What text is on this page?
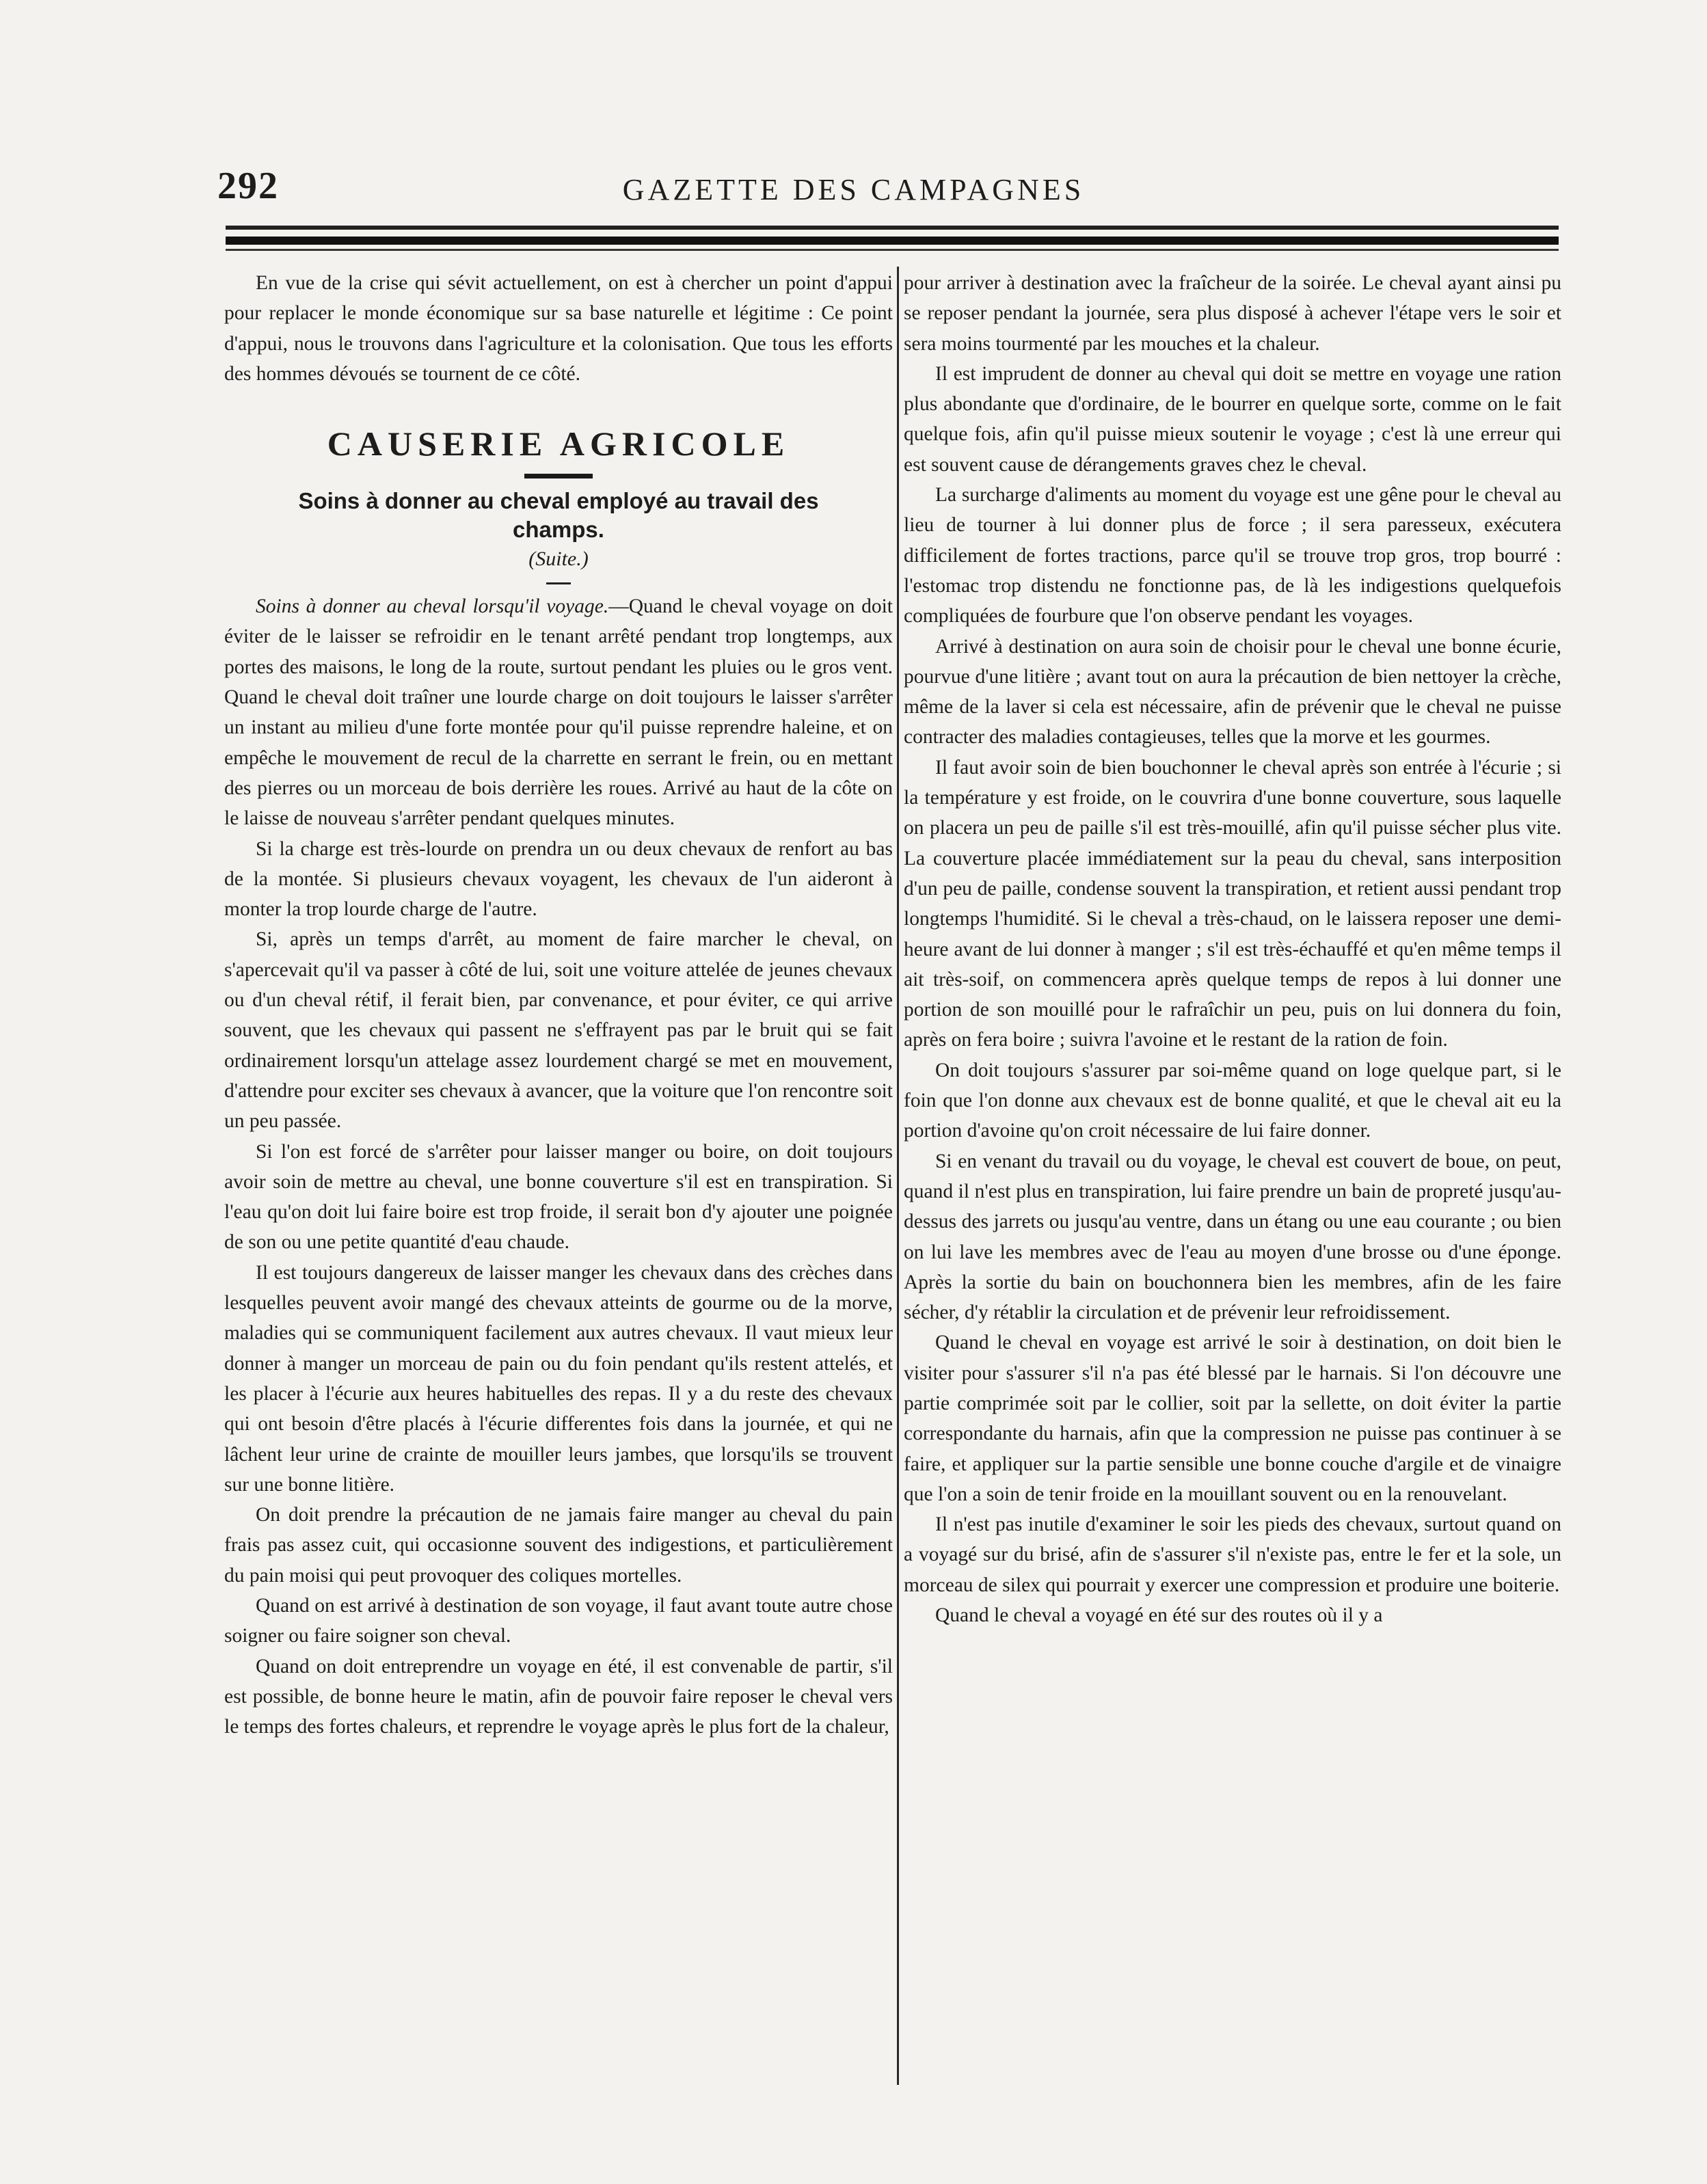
292	GAZETTE DES CAMPAGNES

En vue de la crise qui sévit actuellement, on est à chercher un point d'appui pour replacer le monde économique sur sa base naturelle et légitime : Ce point d'appui, nous le trouvons dans l'agriculture et la colonisation. Que tous les efforts des hommes dévoués se tournent de ce côté.

CAUSERIE AGRICOLE
Soins à donner au cheval employé au travail des champs.
(Suite.)

Soins à donner au cheval lorsqu'il voyage.—Quand le cheval voyage on doit éviter de le laisser se refroidir en le tenant arrêté pendant trop longtemps, aux portes des maisons, le long de la route, surtout pendant les pluies ou le gros vent. Quand le cheval doit traîner une lourde charge on doit toujours le laisser s'arrêter un instant au milieu d'une forte montée pour qu'il puisse reprendre haleine, et on empêche le mouvement de recul de la charrette en serrant le frein, ou en mettant des pierres ou un morceau de bois derrière les roues. Arrivé au haut de la côte on le laisse de nouveau s'arrêter pendant quelques minutes.

Si la charge est très-lourde on prendra un ou deux chevaux de renfort au bas de la montée. Si plusieurs chevaux voyagent, les chevaux de l'un aideront à monter la trop lourde charge de l'autre.

Si, après un temps d'arrêt, au moment de faire marcher le cheval, on s'apercevait qu'il va passer à côté de lui, soit une voiture attelée de jeunes chevaux ou d'un cheval rétif, il ferait bien, par convenance, et pour éviter, ce qui arrive souvent, que les chevaux qui passent ne s'effrayent pas par le bruit qui se fait ordinairement lorsqu'un attelage assez lourdement chargé se met en mouvement, d'attendre pour exciter ses chevaux à avancer, que la voiture que l'on rencontre soit un peu passée.

Si l'on est forcé de s'arrêter pour laisser manger ou boire, on doit toujours avoir soin de mettre au cheval, une bonne couverture s'il est en transpiration. Si l'eau qu'on doit lui faire boire est trop froide, il serait bon d'y ajouter une poignée de son ou une petite quantité d'eau chaude.

Il est toujours dangereux de laisser manger les chevaux dans des crèches dans lesquelles peuvent avoir mangé des chevaux atteints de gourme ou de la morve, maladies qui se communiquent facilement aux autres chevaux. Il vaut mieux leur donner à manger un morceau de pain ou du foin pendant qu'ils restent attelés, et les placer à l'écurie aux heures habituelles des repas. Il y a du reste des chevaux qui ont besoin d'être placés à l'écurie differentes fois dans la journée, et qui ne lâchent leur urine de crainte de mouiller leurs jambes, que lorsqu'ils se trouvent sur une bonne litière.

On doit prendre la précaution de ne jamais faire manger au cheval du pain frais pas assez cuit, qui occasionne souvent des indigestions, et particulièrement du pain moisi qui peut provoquer des coliques mortelles.

Quand on est arrivé à destination de son voyage, il faut avant toute autre chose soigner ou faire soigner son cheval.

Quand on doit entreprendre un voyage en été, il est convenable de partir, s'il est possible, de bonne heure le matin, afin de pouvoir faire reposer le cheval vers le temps des fortes chaleurs, et reprendre le voyage après le plus fort de la chaleur,

pour arriver à destination avec la fraîcheur de la soirée. Le cheval ayant ainsi pu se reposer pendant la journée, sera plus disposé à achever l'étape vers le soir et sera moins tourmenté par les mouches et la chaleur.

Il est imprudent de donner au cheval qui doit se mettre en voyage une ration plus abondante que d'ordinaire, de le bourrer en quelque sorte, comme on le fait quelque fois, afin qu'il puisse mieux soutenir le voyage ; c'est là une erreur qui est souvent cause de dérangements graves chez le cheval.

La surcharge d'aliments au moment du voyage est une gêne pour le cheval au lieu de tourner à lui donner plus de force ; il sera paresseux, exécutera difficilement de fortes tractions, parce qu'il se trouve trop gros, trop bourré : l'estomac trop distendu ne fonctionne pas, de là les indigestions quelquefois compliquées de fourbure que l'on observe pendant les voyages.

Arrivé à destination on aura soin de choisir pour le cheval une bonne écurie, pourvue d'une litière ; avant tout on aura la précaution de bien nettoyer la crèche, même de la laver si cela est nécessaire, afin de prévenir que le cheval ne puisse contracter des maladies contagieuses, telles que la morve et les gourmes.

Il faut avoir soin de bien bouchonner le cheval après son entrée à l'écurie ; si la température y est froide, on le couvrira d'une bonne couverture, sous laquelle on placera un peu de paille s'il est très-mouillé, afin qu'il puisse sécher plus vite. La couverture placée immédiatement sur la peau du cheval, sans interposition d'un peu de paille, condense souvent la transpiration, et retient aussi pendant trop longtemps l'humidité. Si le cheval a très-chaud, on le laissera reposer une demi-heure avant de lui donner à manger ; s'il est très-échauffé et qu'en même temps il ait très-soif, on commencera après quelque temps de repos à lui donner une portion de son mouillé pour le rafraîchir un peu, puis on lui donnera du foin, après on fera boire ; suivra l'avoine et le restant de la ration de foin.

On doit toujours s'assurer par soi-même quand on loge quelque part, si le foin que l'on donne aux chevaux est de bonne qualité, et que le cheval ait eu la portion d'avoine qu'on croit nécessaire de lui faire donner.

Si en venant du travail ou du voyage, le cheval est couvert de boue, on peut, quand il n'est plus en transpiration, lui faire prendre un bain de propreté jusqu'au-dessus des jarrets ou jusqu'au ventre, dans un étang ou une eau courante ; ou bien on lui lave les membres avec de l'eau au moyen d'une brosse ou d'une éponge. Après la sortie du bain on bouchonnera bien les membres, afin de les faire sécher, d'y rétablir la circulation et de prévenir leur refroidissement.

Quand le cheval en voyage est arrivé le soir à destination, on doit bien le visiter pour s'assurer s'il n'a pas été blessé par le harnais. Si l'on découvre une partie comprimée soit par le collier, soit par la sellette, on doit éviter la partie correspondante du harnais, afin que la compression ne puisse pas continuer à se faire, et appliquer sur la partie sensible une bonne couche d'argile et de vinaigre que l'on a soin de tenir froide en la mouillant souvent ou en la renouvelant.

Il n'est pas inutile d'examiner le soir les pieds des chevaux, surtout quand on a voyagé sur du brisé, afin de s'assurer s'il n'existe pas, entre le fer et la sole, un morceau de silex qui pourrait y exercer une compression et produire une boiterie.

Quand le cheval a voyagé en été sur des routes où il y a
